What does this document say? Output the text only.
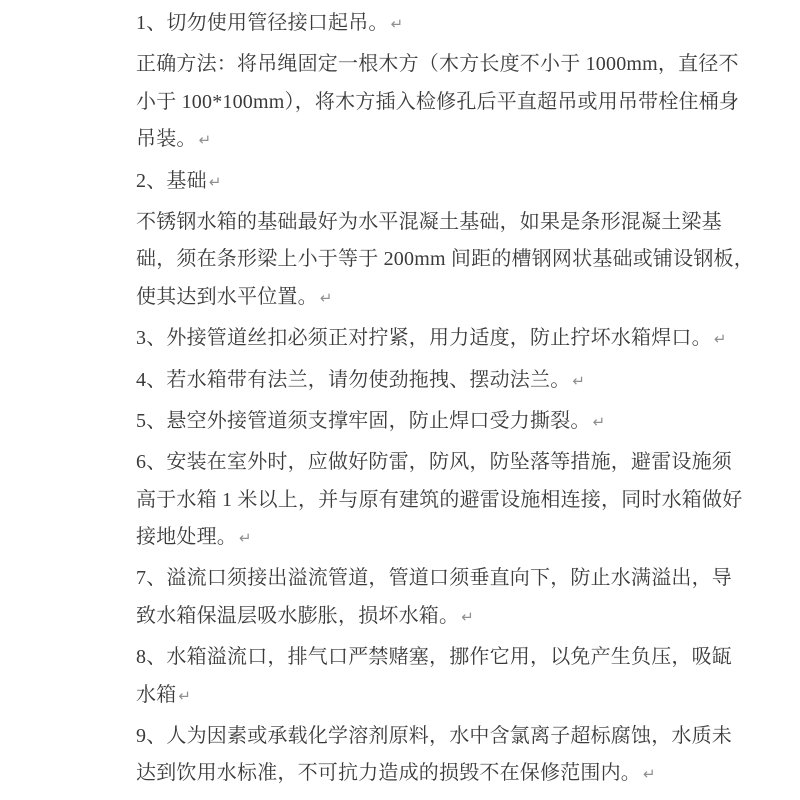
1、切勿使用管径接口起吊。 ↵
正确方法：将吊绳固定一根木方（木方长度不小于 1000mm，直径不
小于 100*100mm），将木方插入检修孔后平直超吊或用吊带栓住桶身
吊装。 ↵
2、基础 ↵
不锈钢水箱的基础最好为水平混凝土基础，如果是条形混凝土梁基
础，须在条形梁上小于等于 200mm 间距的槽钢网状基础或铺设钢板，
使其达到水平位置。 ↵
3、外接管道丝扣必须正对拧紧，用力适度，防止拧坏水箱焊口。 ↵
4、若水箱带有法兰，请勿使劲拖拽、摆动法兰。 ↵
5、悬空外接管道须支撑牢固，防止焊口受力撕裂。 ↵
6、安装在室外时，应做好防雷，防风，防坠落等措施，避雷设施须
高于水箱 1 米以上，并与原有建筑的避雷设施相连接，同时水箱做好
接地处理。 ↵
7、溢流口须接出溢流管道，管道口须垂直向下，防止水满溢出，导
致水箱保温层吸水膨胀，损坏水箱。 ↵
8、水箱溢流口，排气口严禁赌塞，挪作它用，以免产生负压，吸缻
水箱 ↵
9、人为因素或承载化学溶剂原料，水中含氯离子超标腐蚀，水质未
达到饮用水标准，不可抗力造成的损毁不在保修范围内。 ↵
